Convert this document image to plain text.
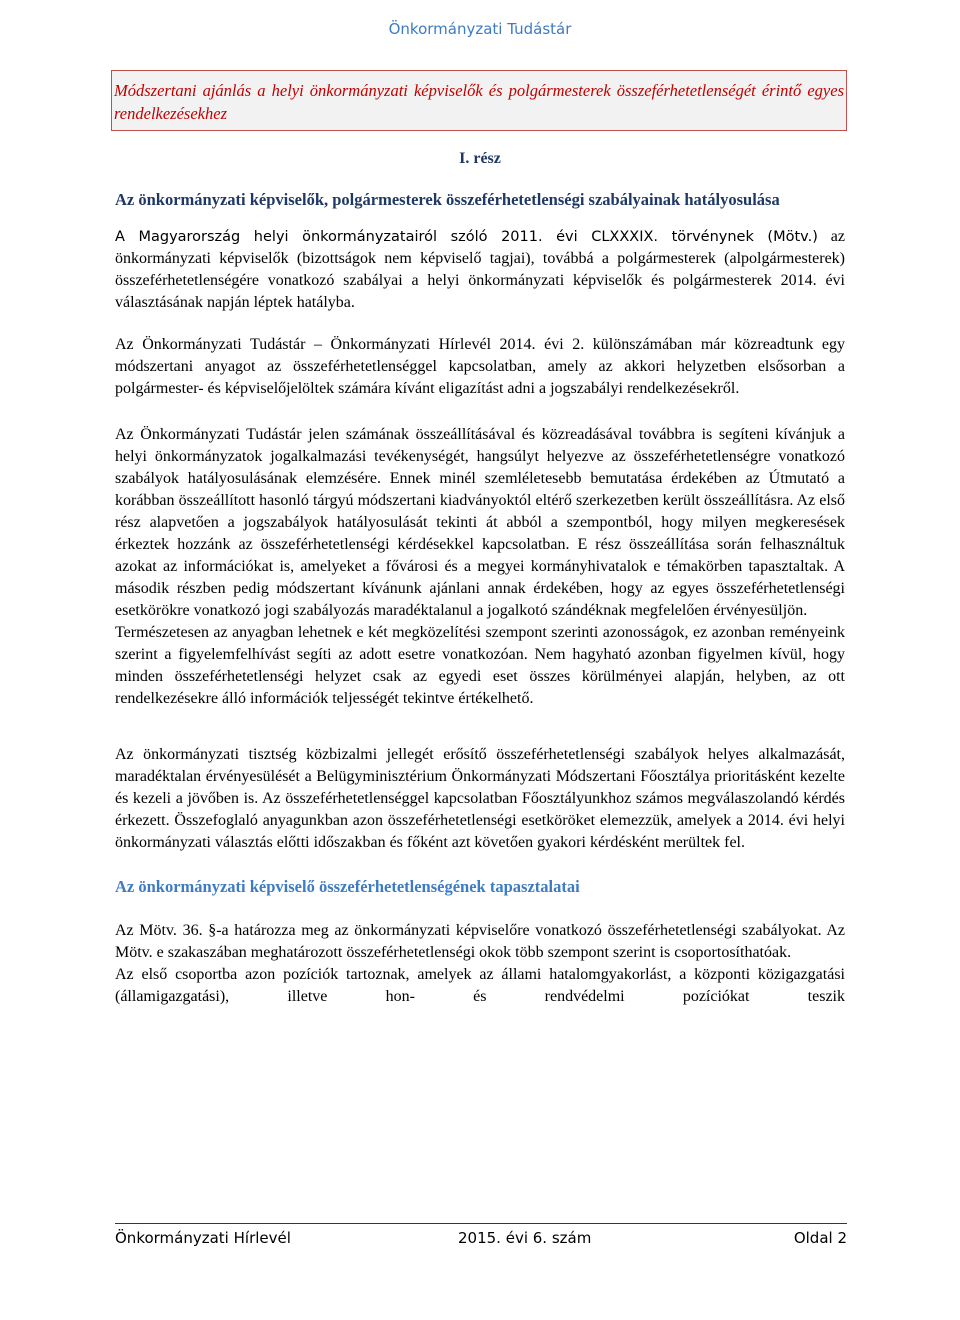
Önkormányzati Tudástár
Módszertani ajánlás a helyi önkormányzati képviselők és polgármesterek összeférhetetlenségét érintő egyes rendelkezésekhez

I. rész

Az önkormányzati képviselők, polgármesterek összeférhetetlenségi szabályainak hatályosulása

A Magyarország helyi önkormányzatairól szóló 2011. évi CLXXXIX. törvénynek (Mötv.) az önkormányzati képviselők (bizottságok nem képviselő tagjai), továbbá a polgármesterek (alpolgármesterek) összeférhetetlenségére vonatkozó szabályai a helyi önkormányzati képviselők és polgármesterek 2014. évi választásának napján léptek hatályba.

Az Önkormányzati Tudástár – Önkormányzati Hírlevél 2014. évi 2. különszámában már közreadtunk egy módszertani anyagot az összeférhetetlenséggel kapcsolatban, amely az akkori helyzetben elsősorban a polgármester- és képviselőjelöltek számára kívánt eligazítást adni a jogszabályi rendelkezésekről.

Az Önkormányzati Tudástár jelen számának összeállításával és közreadásával továbbra is segíteni kívánjuk a helyi önkormányzatok jogalkalmazási tevékenységét, hangsúlyt helyezve az összeférhetetlenségre vonatkozó szabályok hatályosulásának elemzésére. Ennek minél szemléletesebb bemutatása érdekében az Útmutató a korábban összeállított hasonló tárgyú módszertani kiadványoktól eltérő szerkezetben került összeállításra. Az első rész alapvetően a jogszabályok hatályosulását tekinti át abból a szempontból, hogy milyen megkeresések érkeztek hozzánk az összeférhetetlenségi kérdésekkel kapcsolatban. E rész összeállítása során felhasználtuk azokat az információkat is, amelyeket a fővárosi és a megyei kormányhivatalok e témakörben tapasztaltak. A második részben pedig módszertant kívánunk ajánlani annak érdekében, hogy az egyes összeférhetetlenségi esetkörökre vonatkozó jogi szabályozás maradéktalanul a jogalkotó szándéknak megfelelően érvényesüljön.

Természetesen az anyagban lehetnek e két megközelítési szempont szerinti azonosságok, ez azonban reményeink szerint a figyelemfelhívást segíti az adott esetre vonatkozóan. Nem hagyható azonban figyelmen kívül, hogy minden összeférhetetlenségi helyzet csak az egyedi eset összes körülményei alapján, helyben, az ott rendelkezésekre álló információk teljességét tekintve értékelhető.

Az önkormányzati tisztség közbizalmi jellegét erősítő összeférhetetlenségi szabályok helyes alkalmazását, maradéktalan érvényesülését a Belügyminisztérium Önkormányzati Módszertani Főosztálya prioritásként kezelte és kezeli a jövőben is. Az összeférhetetlenséggel kapcsolatban Főosztályunkhoz számos megválaszolandó kérdés érkezett. Összefoglaló anyagunkban azon összeférhetetlenségi esetköröket elemezzük, amelyek a 2014. évi helyi önkormányzati választás előtti időszakban és főként azt követően gyakori kérdésként merültek fel.

Az önkormányzati képviselő összeférhetetlenségének tapasztalatai

Az Mötv. 36. §-a határozza meg az önkormányzati képviselőre vonatkozó összeférhetetlenségi szabályokat. Az Mötv. e szakaszában meghatározott összeférhetetlenségi okok több szempont szerint is csoportosíthatóak.

Az első csoportba azon pozíciók tartoznak, amelyek az állami hatalomgyakorlást, a központi közigazgatási (államigazgatási), illetve hon- és rendvédelmi pozíciókat teszik

Önkormányzati Hírlevél	2015. évi 6. szám	Oldal 2
